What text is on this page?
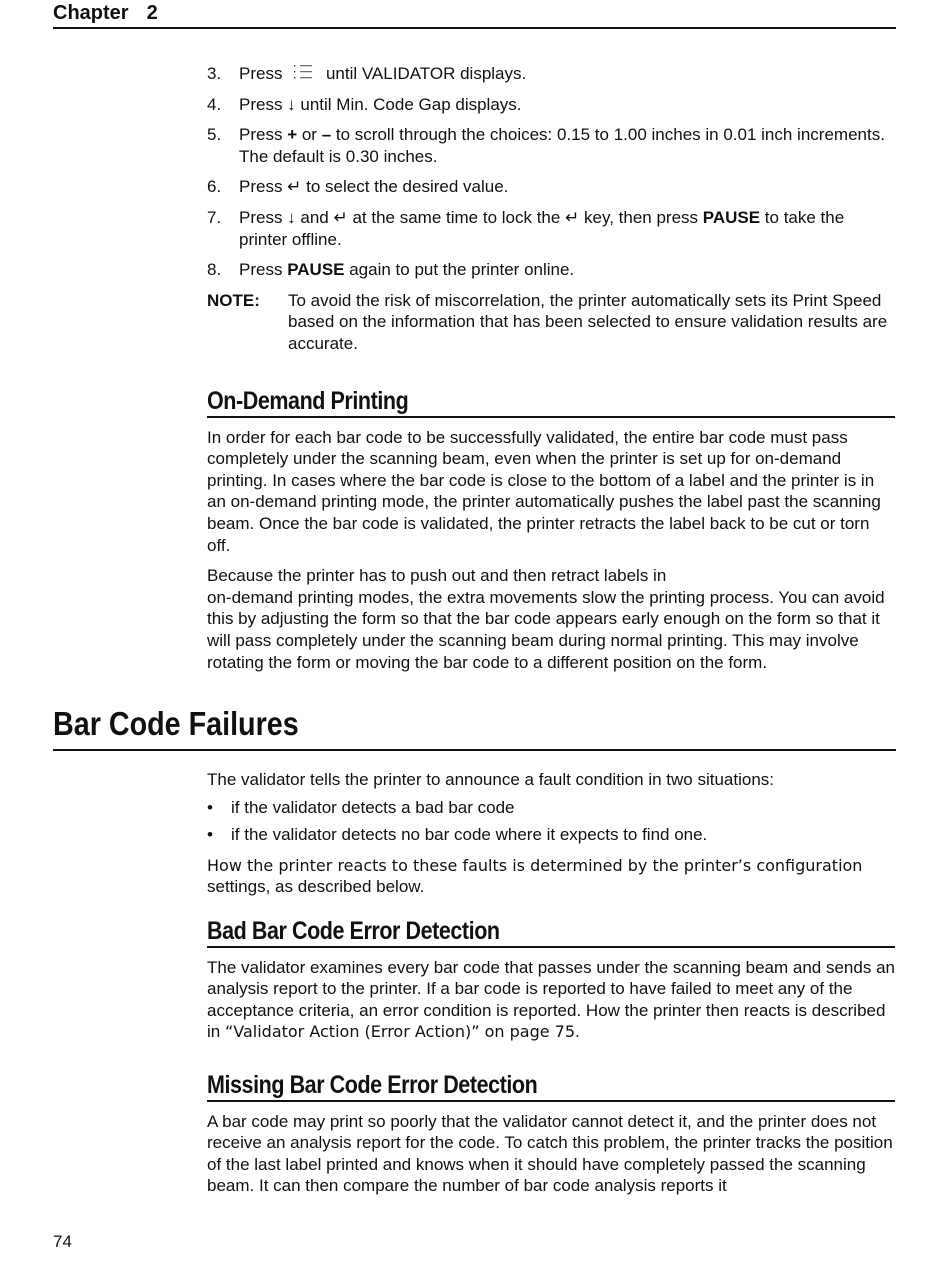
Chapter 2
3.	Press	until VALIDATOR displays.
4.	Press ↓ until Min. Code Gap displays.
5.	Press + or – to scroll through the choices: 0.15 to 1.00 inches in 0.01 inch increments. The default is 0.30 inches.
6.	Press ↵ to select the desired value.
7.	Press ↓ and ↵ at the same time to lock the ↵ key, then press PAUSE to take the printer offline.
8.	Press PAUSE again to put the printer online.
NOTE:	To avoid the risk of miscorrelation, the printer automatically sets its Print Speed based on the information that has been selected to ensure validation results are accurate.
On-Demand Printing

In order for each bar code to be successfully validated, the entire bar code must pass completely under the scanning beam, even when the printer is set up for on-demand printing. In cases where the bar code is close to the bottom of a label and the printer is in an on-demand printing mode, the printer automatically pushes the label past the scanning beam. Once the bar code is validated, the printer retracts the label back to be cut or torn off.

Because the printer has to push out and then retract labels in
on-demand printing modes, the extra movements slow the printing process. You can avoid this by adjusting the form so that the bar code appears early enough on the form so that it will pass completely under the scanning beam during normal printing. This may involve rotating the form or moving the bar code to a different position on the form.

Bar Code Failures

The validator tells the printer to announce a fault condition in two situations:

•	if the validator detects a bad bar code
•	if the validator detects no bar code where it expects to find one.

How the printer reacts to these faults is determined by the printer’s configuration
settings, as described below.

Bad Bar Code Error Detection

The validator examines every bar code that passes under the scanning beam and sends an analysis report to the printer. If a bar code is reported to have failed to meet any of the acceptance criteria, an error condition is reported. How the printer then reacts is described in “Validator Action (Error Action)” on page 75.

Missing Bar Code Error Detection

A bar code may print so poorly that the validator cannot detect it, and the printer does not receive an analysis report for the code. To catch this problem, the printer tracks the position of the last label printed and knows when it should have completely passed the scanning beam. It can then compare the number of bar code analysis reports it

74
